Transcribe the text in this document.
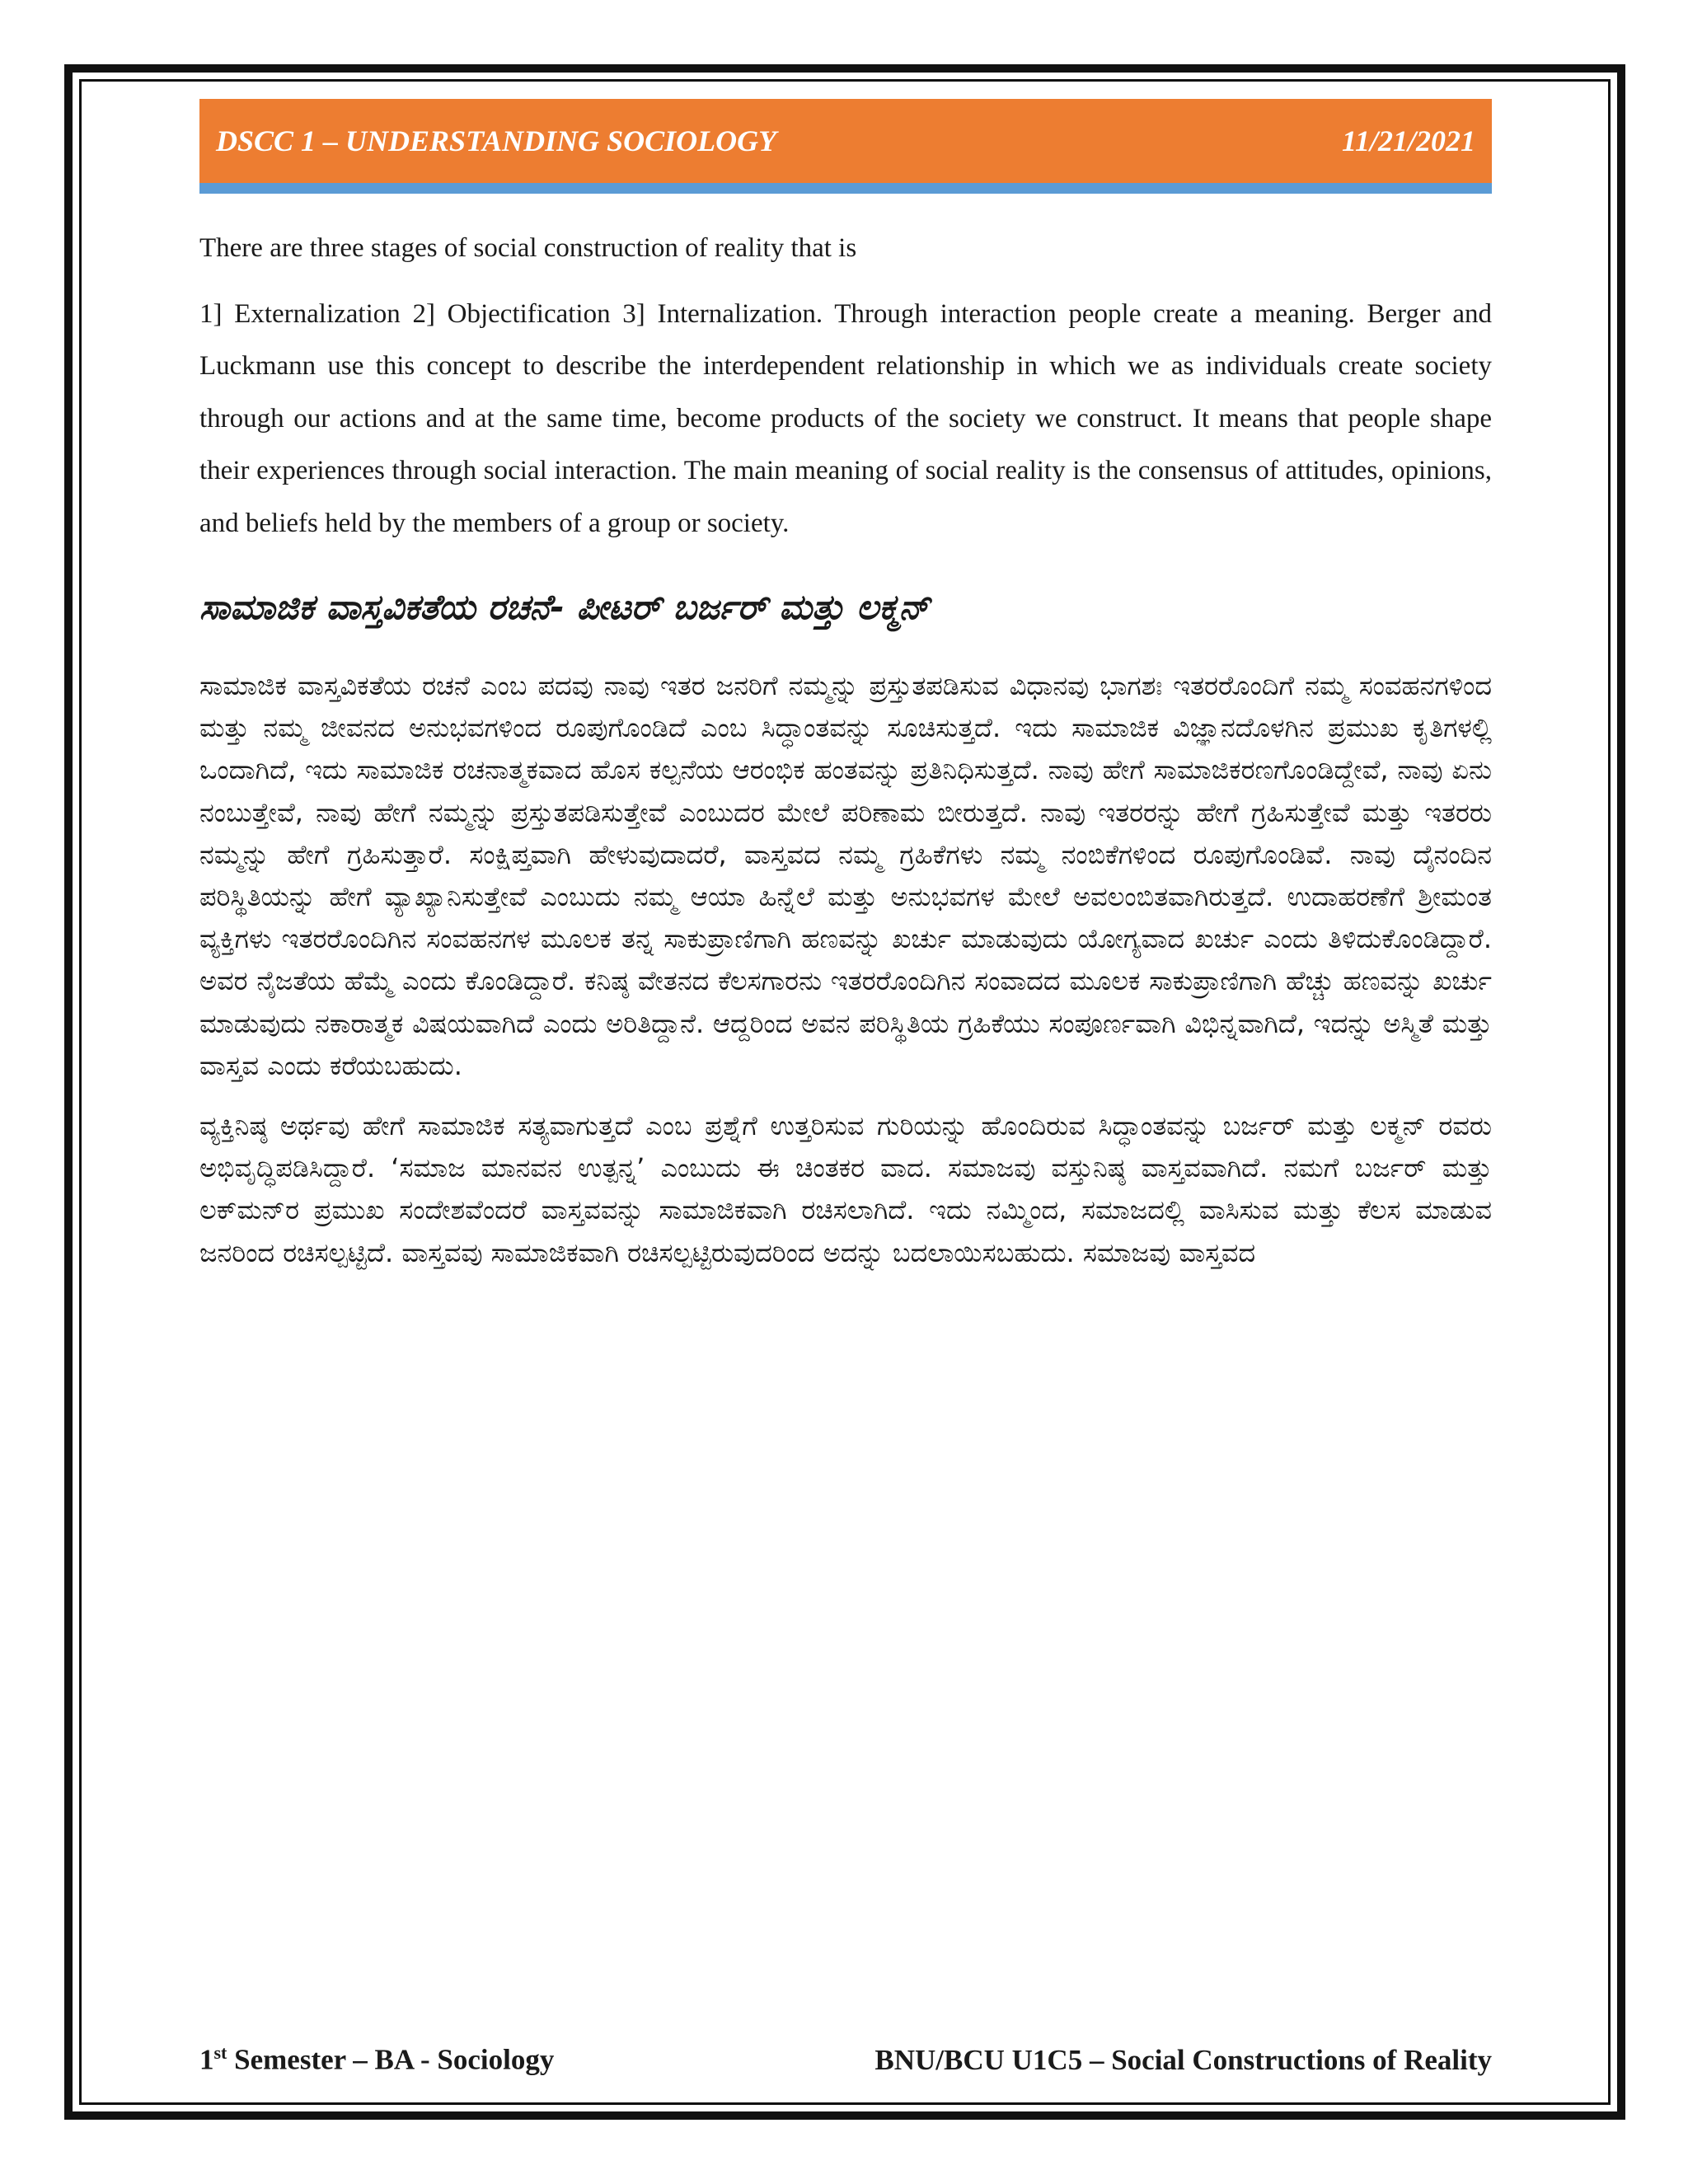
DSCC 1 – UNDERSTANDING SOCIOLOGY	11/21/2021

There are three stages of social construction of reality that is

1] Externalization 2] Objectification 3] Internalization. Through interaction people create a meaning. Berger and Luckmann use this concept to describe the interdependent relationship in which we as individuals create society through our actions and at the same time, become products of the society we construct. It means that people shape their experiences through social interaction. The main meaning of social reality is the consensus of attitudes, opinions, and beliefs held by the members of a group or society.

ಸಾಮಾಜಿಕ ವಾಸ್ತವಿಕತೆಯ ರಚನೆ- ಪೀಟರ್ ಬರ್ಜರ್ ಮತ್ತು ಲಕ್ಮನ್

ಸಾಮಾಜಿಕ ವಾಸ್ತವಿಕತೆಯ ರಚನೆ ಎಂಬ ಪದವು ನಾವು ಇತರ ಜನರಿಗೆ ನಮ್ಮನ್ನು ಪ್ರಸ್ತುತಪಡಿಸುವ ವಿಧಾನವು ಭಾಗಶಃ ಇತರರೊಂದಿಗೆ ನಮ್ಮ ಸಂವಹನಗಳಿಂದ ಮತ್ತು ನಮ್ಮ ಜೀವನದ ಅನುಭವಗಳಿಂದ ರೂಪುಗೊಂಡಿದೆ ಎಂಬ ಸಿದ್ಧಾಂತವನ್ನು ಸೂಚಿಸುತ್ತದೆ. ಇದು ಸಾಮಾಜಿಕ ವಿಜ್ಞಾನದೊಳಗಿನ ಪ್ರಮುಖ ಕೃತಿಗಳಲ್ಲಿ ಒಂದಾಗಿದೆ, ಇದು ಸಾಮಾಜಿಕ ರಚನಾತ್ಮಕವಾದ ಹೊಸ ಕಲ್ಪನೆಯ ಆರಂಭಿಕ ಹಂತವನ್ನು ಪ್ರತಿನಿಧಿಸುತ್ತದೆ. ನಾವು ಹೇಗೆ ಸಾಮಾಜಿಕರಣಗೊಂಡಿದ್ದೇವೆ, ನಾವು ಏನು ನಂಬುತ್ತೇವೆ, ನಾವು ಹೇಗೆ ನಮ್ಮನ್ನು ಪ್ರಸ್ತುತಪಡಿಸುತ್ತೇವೆ ಎಂಬುದರ ಮೇಲೆ ಪರಿಣಾಮ ಬೀರುತ್ತದೆ. ನಾವು ಇತರರನ್ನು ಹೇಗೆ ಗ್ರಹಿಸುತ್ತೇವೆ ಮತ್ತು ಇತರರು ನಮ್ಮನ್ನು ಹೇಗೆ ಗ್ರಹಿಸುತ್ತಾರೆ. ಸಂಕ್ಷಿಪ್ತವಾಗಿ ಹೇಳುವುದಾದರೆ, ವಾಸ್ತವದ ನಮ್ಮ ಗ್ರಹಿಕೆಗಳು ನಮ್ಮ ನಂಬಿಕೆಗಳಿಂದ ರೂಪುಗೊಂಡಿವೆ. ನಾವು ದೈನಂದಿನ ಪರಿಸ್ಥಿತಿಯನ್ನು ಹೇಗೆ ವ್ಯಾಖ್ಯಾನಿಸುತ್ತೇವೆ ಎಂಬುದು ನಮ್ಮ ಆಯಾ ಹಿನ್ನೆಲೆ ಮತ್ತು ಅನುಭವಗಳ ಮೇಲೆ ಅವಲಂಬಿತವಾಗಿರುತ್ತದೆ. ಉದಾಹರಣೆಗೆ ಶ್ರೀಮಂತ ವ್ಯಕ್ತಿಗಳು ಇತರರೊಂದಿಗಿನ ಸಂವಹನಗಳ ಮೂಲಕ ತನ್ನ ಸಾಕುಪ್ರಾಣಿಗಾಗಿ ಹಣವನ್ನು ಖರ್ಚು ಮಾಡುವುದು ಯೋಗ್ಯವಾದ ಖರ್ಚು ಎಂದು ತಿಳಿದುಕೊಂಡಿದ್ದಾರೆ. ಅವರ ನೈಜತೆಯ ಹೆಮ್ಮೆ ಎಂದು ಕೊಂಡಿದ್ದಾರೆ. ಕನಿಷ್ಠ ವೇತನದ ಕೆಲಸಗಾರನು ಇತರರೊಂದಿಗಿನ ಸಂವಾದದ ಮೂಲಕ ಸಾಕುಪ್ರಾಣಿಗಾಗಿ ಹೆಚ್ಚು ಹಣವನ್ನು ಖರ್ಚು ಮಾಡುವುದು ನಕಾರಾತ್ಮಕ ವಿಷಯವಾಗಿದೆ ಎಂದು ಅರಿತಿದ್ದಾನೆ. ಆದ್ದರಿಂದ ಅವನ ಪರಿಸ್ಥಿತಿಯ ಗ್ರಹಿಕೆಯು ಸಂಪೂರ್ಣವಾಗಿ ವಿಭಿನ್ನವಾಗಿದೆ, ಇದನ್ನು ಅಸ್ಮಿತೆ ಮತ್ತು ವಾಸ್ತವ ಎಂದು ಕರೆಯಬಹುದು.

ವ್ಯಕ್ತಿನಿಷ್ಠ ಅರ್ಥವು ಹೇಗೆ ಸಾಮಾಜಿಕ ಸತ್ಯವಾಗುತ್ತದೆ ಎಂಬ ಪ್ರಶ್ನೆಗೆ ಉತ್ತರಿಸುವ ಗುರಿಯನ್ನು ಹೊಂದಿರುವ ಸಿದ್ಧಾಂತವನ್ನು ಬರ್ಜರ್ ಮತ್ತು ಲಕ್ಮನ್ ರವರು ಅಭಿವೃದ್ಧಿಪಡಿಸಿದ್ದಾರೆ. ‘ಸಮಾಜ ಮಾನವನ ಉತ್ಪನ್ನ’ ಎಂಬುದು ಈ ಚಿಂತಕರ ವಾದ. ಸಮಾಜವು ವಸ್ತುನಿಷ್ಠ ವಾಸ್ತವವಾಗಿದೆ. ನಮಗೆ ಬರ್ಜರ್ ಮತ್ತು ಲಕ್‌ಮನ್‌ರ ಪ್ರಮುಖ ಸಂದೇಶವೆಂದರೆ ವಾಸ್ತವವನ್ನು ಸಾಮಾಜಿಕವಾಗಿ ರಚಿಸಲಾಗಿದೆ. ಇದು ನಮ್ಮಿಂದ, ಸಮಾಜದಲ್ಲಿ ವಾಸಿಸುವ ಮತ್ತು ಕೆಲಸ ಮಾಡುವ ಜನರಿಂದ ರಚಿಸಲ್ಪಟ್ಟಿದೆ. ವಾಸ್ತವವು ಸಾಮಾಜಿಕವಾಗಿ ರಚಿಸಲ್ಪಟ್ಟಿರುವುದರಿಂದ ಅದನ್ನು ಬದಲಾಯಿಸಬಹುದು. ಸಮಾಜವು ವಾಸ್ತವದ

1st Semester – BA - Sociology	BNU/BCU U1C5 – Social Constructions of Reality
